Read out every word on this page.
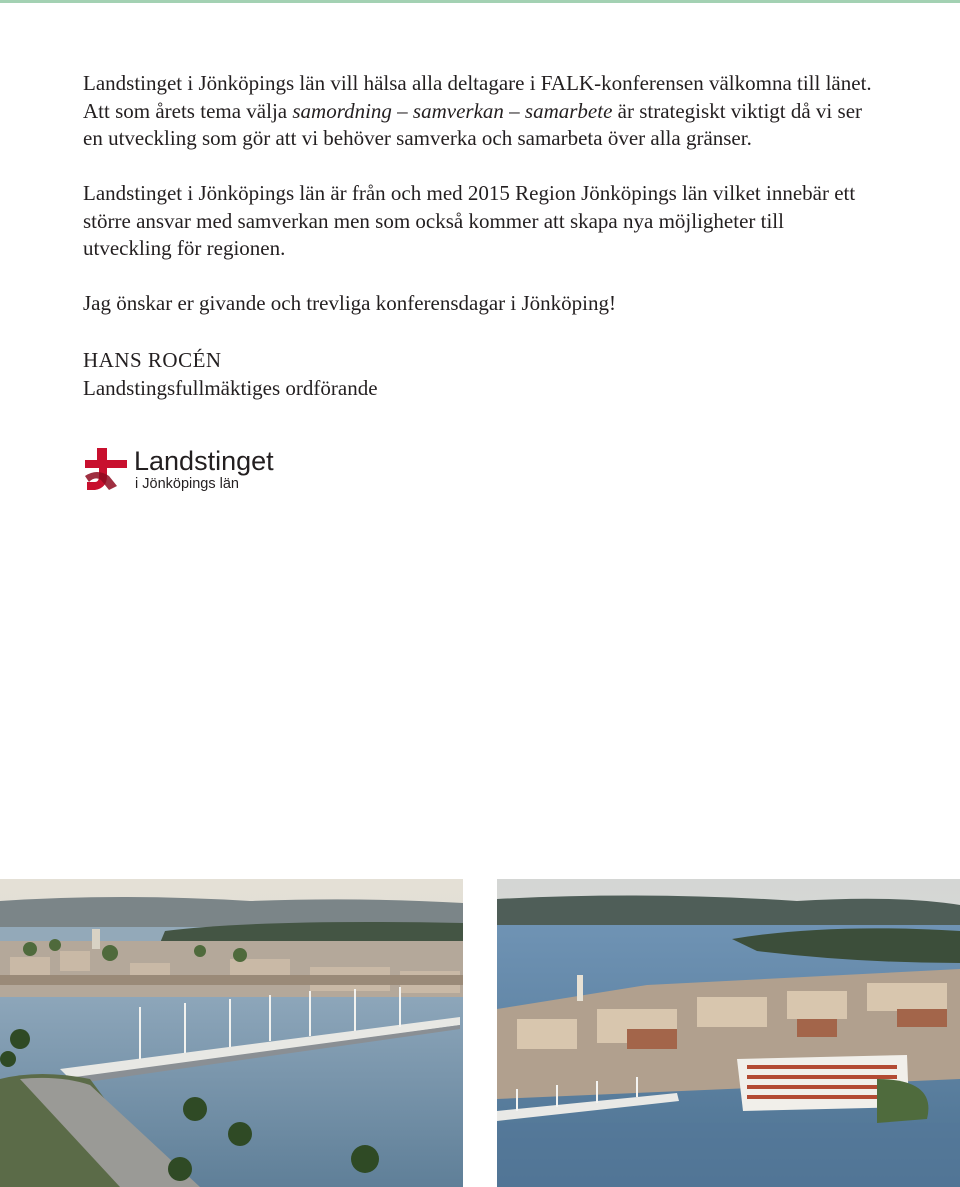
Landstinget i Jönköpings län vill hälsa alla deltagare i FALK-konferensen välkomna till länet. Att som årets tema välja samordning – samverkan – samarbete är strategiskt viktigt då vi ser en utveckling som gör att vi behöver samverka och samarbeta över alla gränser.

Landstinget i Jönköpings län är från och med 2015 Region Jönköpings län vilket innebär ett större ansvar med samverkan men som också kommer att skapa nya möjligheter till utveckling för regionen.

Jag önskar er givande och trevliga konferensdagar i Jönköping!

HANS ROCÉN
Landstingsfullmäktiges ordförande
Landstinget
i Jönköpings län
